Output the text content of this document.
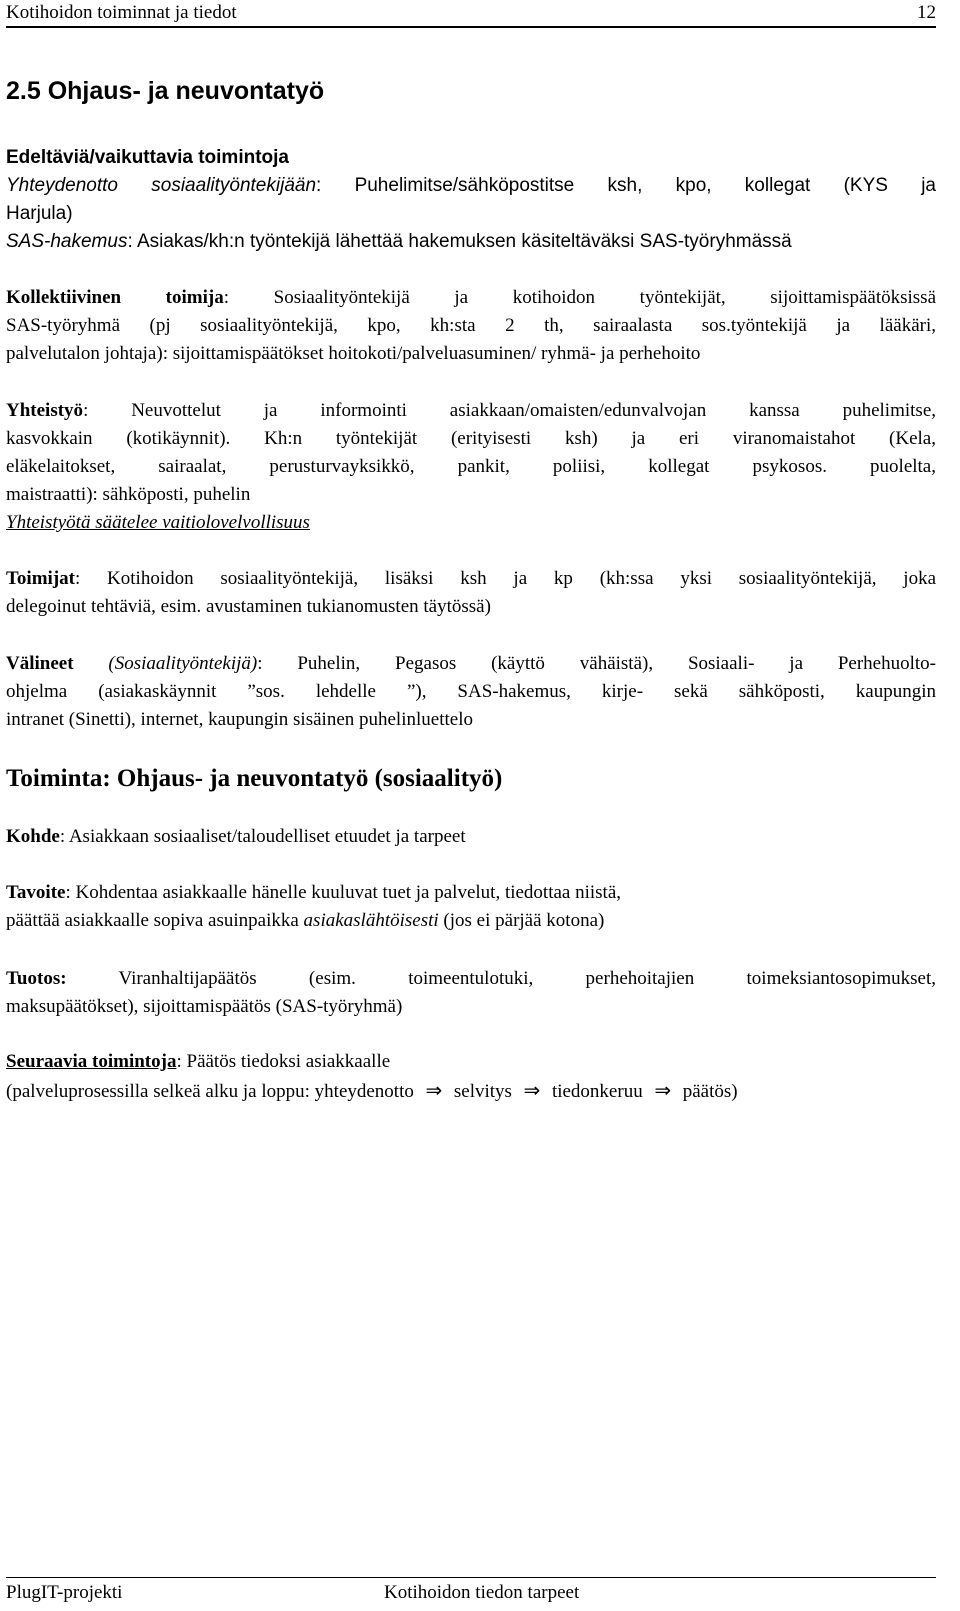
Kotihoidon toiminnat ja tiedot	12
2.5 Ohjaus- ja neuvontatyö
Edeltäviä/vaikuttavia toimintoja
Yhteydenotto sosiaalityöntekijään: Puhelimitse/sähköpostitse ksh, kpo, kollegat (KYS ja
Harjula)
SAS-hakemus: Asiakas/kh:n työntekijä lähettää hakemuksen käsiteltäväksi SAS-työryhmässä
Kollektiivinen toimija: Sosiaalityöntekijä ja kotihoidon työntekijät, sijoittamispäätöksissä
SAS-työryhmä (pj sosiaalityöntekijä, kpo, kh:sta 2 th, sairaalasta sos.työntekijä ja lääkäri,
palvelutalon johtaja): sijoittamispäätökset hoitokoti/palveluasuminen/ ryhmä- ja perhehoito
Yhteistyö: Neuvottelut ja informointi asiakkaan/omaisten/edunvalvojan kanssa puhelimitse,
kasvokkain (kotikäynnit). Kh:n työntekijät (erityisesti ksh) ja eri viranomaistahot (Kela,
eläkelaitokset, sairaalat, perusturvayksikkö, pankit, poliisi, kollegat psykosos. puolelta,
maistraatti): sähköposti, puhelin
Yhteistyötä säätelee vaitiolovelvollisuus
Toimijat: Kotihoidon sosiaalityöntekijä, lisäksi ksh ja kp (kh:ssa yksi sosiaalityöntekijä, joka
delegoinut tehtäviä, esim. avustaminen tukianomusten täytössä)
Välineet (Sosiaalityöntekijä): Puhelin, Pegasos (käyttö vähäistä), Sosiaali- ja Perhehuolto-
ohjelma (asiakaskäynnit ”sos. lehdelle ”), SAS-hakemus, kirje- sekä sähköposti, kaupungin
intranet (Sinetti), internet, kaupungin sisäinen puhelinluettelo
Toiminta: Ohjaus- ja neuvontatyö (sosiaalityö)
Kohde: Asiakkaan sosiaaliset/taloudelliset etuudet ja tarpeet
Tavoite: Kohdentaa asiakkaalle hänelle kuuluvat tuet ja palvelut, tiedottaa niistä,
päättää asiakkaalle sopiva asuinpaikka asiakaslähtöisesti (jos ei pärjää kotona)
Tuotos: Viranhaltijapäätös (esim. toimeentulotuki, perhehoitajien toimeksiantosopimukset,
maksupäätökset), sijoittamispäätös (SAS-työryhmä)
Seuraavia toimintoja: Päätös tiedoksi asiakkaalle
(palveluprosessilla selkeä alku ja loppu: yhteydenotto ⇒ selvitys ⇒ tiedonkeruu ⇒ päätös)
PlugIT-projekti	Kotihoidon tiedon tarpeet
